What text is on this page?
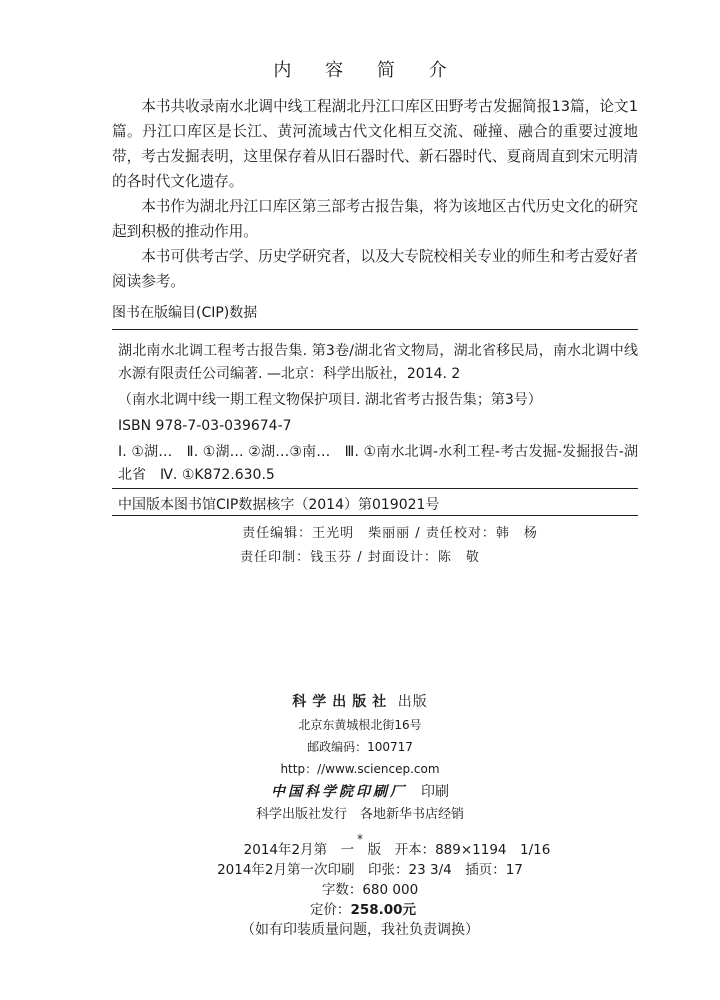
内 容 简 介

本书共收录南水北调中线工程湖北丹江口库区田野考古发掘简报13篇，论文1篇。丹江口库区是长江、黄河流域古代文化相互交流、碰撞、融合的重要过渡地带，考古发掘表明，这里保存着从旧石器时代、新石器时代、夏商周直到宋元明清的各时代文化遗存。

本书作为湖北丹江口库区第三部考古报告集，将为该地区古代历史文化的研究起到积极的推动作用。

本书可供考古学、历史学研究者，以及大专院校相关专业的师生和考古爱好者阅读参考。

图书在版编目(CIP)数据

湖北南水北调工程考古报告集. 第3卷/湖北省文物局，湖北省移民局，南水北调中线水源有限责任公司编著. —北京：科学出版社，2014. 2

（南水北调中线一期工程文物保护项目. 湖北省考古报告集；第3号）

ISBN 978-7-03-039674-7

Ⅰ. ①湖…　Ⅱ. ①湖… ②湖…③南…　Ⅲ. ①南水北调-水利工程-考古发掘-发掘报告-湖北省　Ⅳ. ①K872.630.5

中国版本图书馆CIP数据核字（2014）第019021号
责任编辑：王光明　柴丽丽 / 责任校对：韩　杨
责任印制：钱玉芬 / 封面设计：陈　敬
科学出版社 出版
北京东黄城根北街16号
邮政编码：100717
http：//www.sciencep.com
中国科学院印刷厂　印刷
科学出版社发行　各地新华书店经销
*
2014年2月第　一　版　开本：889×1194　1/16
2014年2月第一次印刷　印张：23 3/4　插页：17
字数：680 000
定价：258.00元
（如有印装质量问题，我社负责调换）
